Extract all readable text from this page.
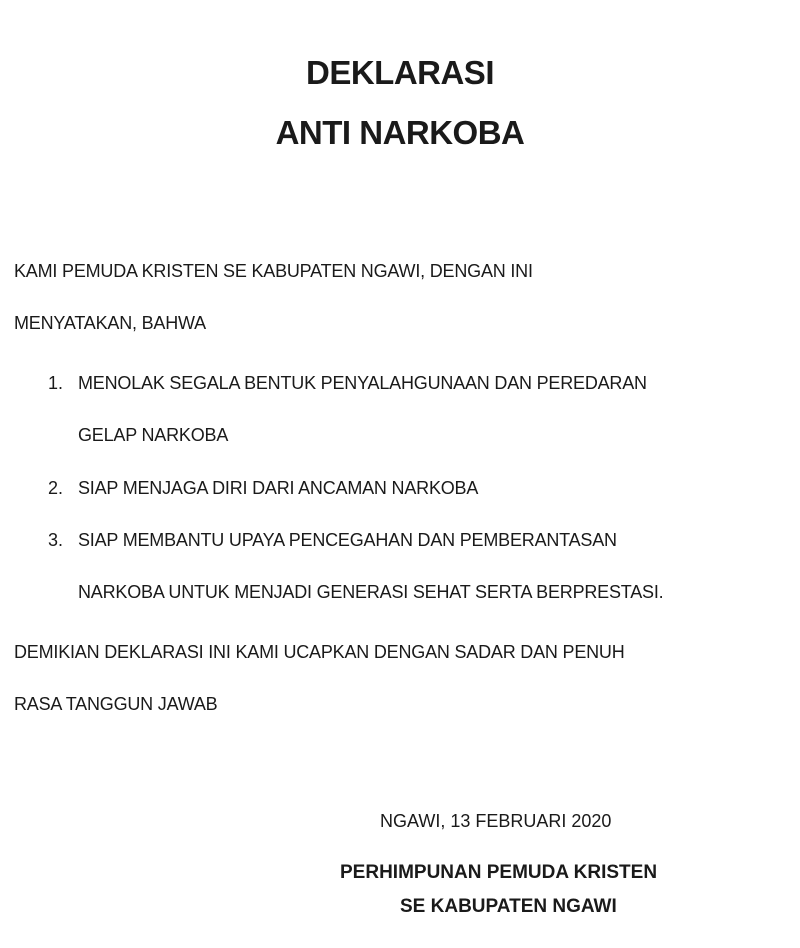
DEKLARASI
ANTI NARKOBA
KAMI PEMUDA KRISTEN SE KABUPATEN NGAWI, DENGAN INI
MENYATAKAN, BAHWA
1. MENOLAK SEGALA BENTUK PENYALAHGUNAAN DAN PEREDARAN
GELAP NARKOBA
2. SIAP MENJAGA DIRI DARI ANCAMAN NARKOBA
3. SIAP MEMBANTU UPAYA PENCEGAHAN DAN PEMBERANTASAN
NARKOBA UNTUK MENJADI GENERASI SEHAT SERTA BERPRESTASI.
DEMIKIAN DEKLARASI INI KAMI UCAPKAN DENGAN SADAR DAN PENUH
RASA TANGGUN JAWAB
NGAWI, 13 FEBRUARI 2020
PERHIMPUNAN PEMUDA KRISTEN
SE KABUPATEN NGAWI
